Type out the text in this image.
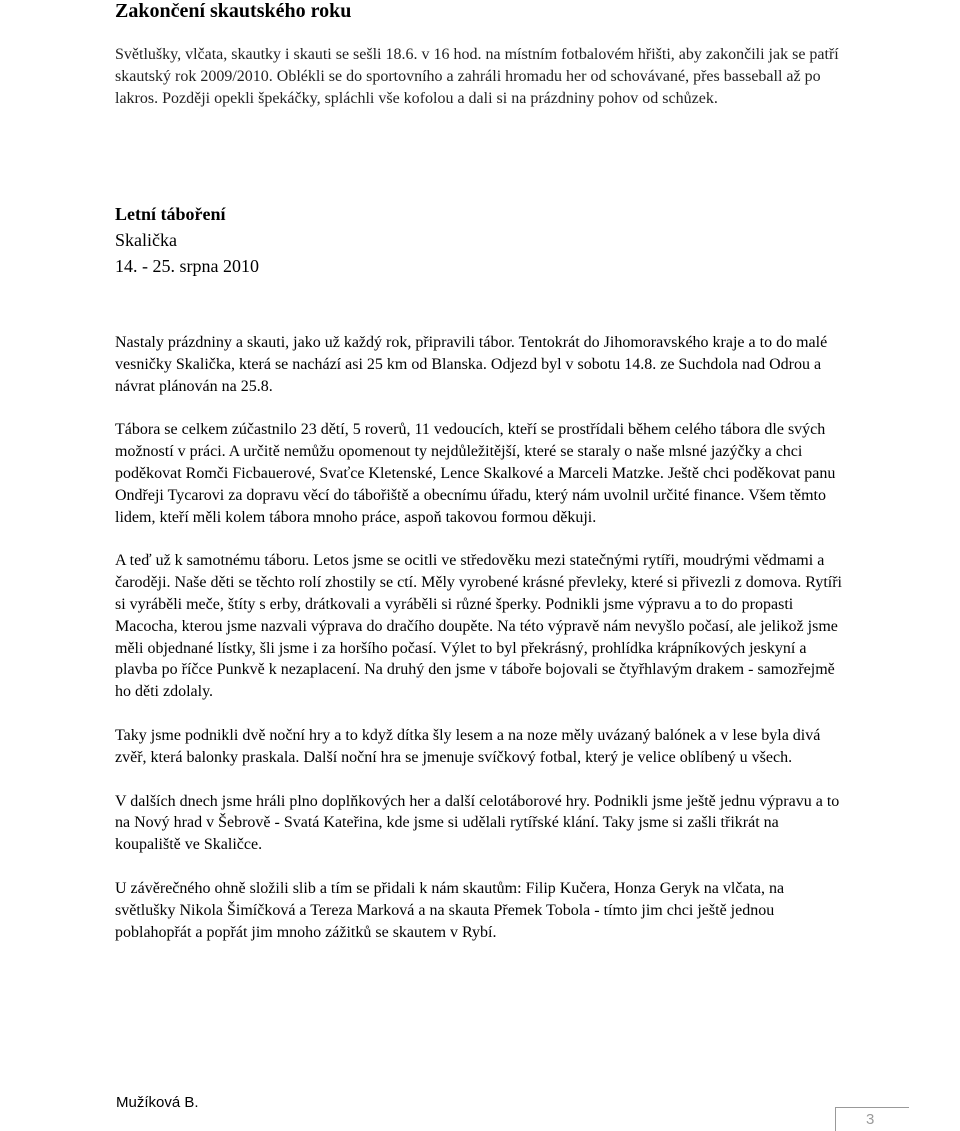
Zakončení skautského roku

Světlušky, vlčata, skautky i skauti se sešli 18.6. v 16 hod. na místním fotbalovém hřišti, aby zakončili jak se patří skautský rok 2009/2010. Oblékli se do sportovního a zahráli hromadu her od schovávané, přes basseball až po lakros. Později opekli špekáčky, spláchli vše kofolou a dali si na prázdniny pohov od schůzek.

Letní táboření
Skalička
14. - 25. srpna 2010

Nastaly prázdniny a skauti, jako už každý rok, připravili tábor. Tentokrát do Jihomoravského kraje a to do malé vesničky Skalička, která se nachází asi 25 km od Blanska. Odjezd byl v sobotu 14.8. ze Suchdola nad Odrou a návrat plánován na 25.8.

Tábora se celkem zúčastnilo 23 dětí, 5 roverů, 11 vedoucích, kteří se prostřídali během celého tábora dle svých možností v práci. A určitě nemůžu opomenout ty nejdůležitější, které se staraly o naše mlsné jazýčky a chci poděkovat Romči Ficbauerové, Svaťce Kletenské, Lence Skalkové a Marceli Matzke. Ještě chci poděkovat panu Ondřeji Tycarovi za dopravu věcí do tábořiště a obecnímu úřadu, který nám uvolnil určité finance. Všem těmto lidem, kteří měli kolem tábora mnoho práce, aspoň takovou formou děkuji.

A teď už k samotnému táboru. Letos jsme se ocitli ve středověku mezi statečnými rytíři, moudrými vědmami a čaroději. Naše děti se těchto rolí zhostily se ctí. Měly vyrobené krásné převleky, které si přivezli z domova. Rytíři si vyráběli meče, štíty s erby, drátkovali a vyráběli si různé šperky. Podnikli jsme výpravu a to do propasti Macocha, kterou jsme nazvali výprava do dračího doupěte. Na této výpravě nám nevyšlo počasí, ale jelikož jsme měli objednané lístky, šli jsme i za horšího počasí. Výlet to byl překrásný, prohlídka krápníkových jeskyní a plavba po říčce Punkvě k nezaplacení. Na druhý den jsme v táboře bojovali se čtyřhlavým drakem - samozřejmě ho děti zdolaly.

Taky jsme podnikli dvě noční hry a to když dítka šly lesem a na noze měly uvázaný balónek a v lese byla divá zvěř, která balonky praskala. Další noční hra se jmenuje svíčkový fotbal, který je velice oblíbený u všech.

V dalších dnech jsme hráli plno doplňkových her a další celotáborové hry. Podnikli jsme ještě jednu výpravu a to na Nový hrad v Šebrově - Svatá Kateřina, kde jsme si udělali rytířské klání. Taky jsme si zašli třikrát na koupaliště ve Skaličce.

U závěrečného ohně složili slib a tím se přidali k nám skautům: Filip Kučera, Honza Geryk na vlčata, na světlušky Nikola Šimíčková a Tereza Marková a na skauta Přemek Tobola - tímto jim chci ještě jednou poblahopřát a popřát jim mnoho zážitků se skautem v Rybí.

Mužíková B.
3
